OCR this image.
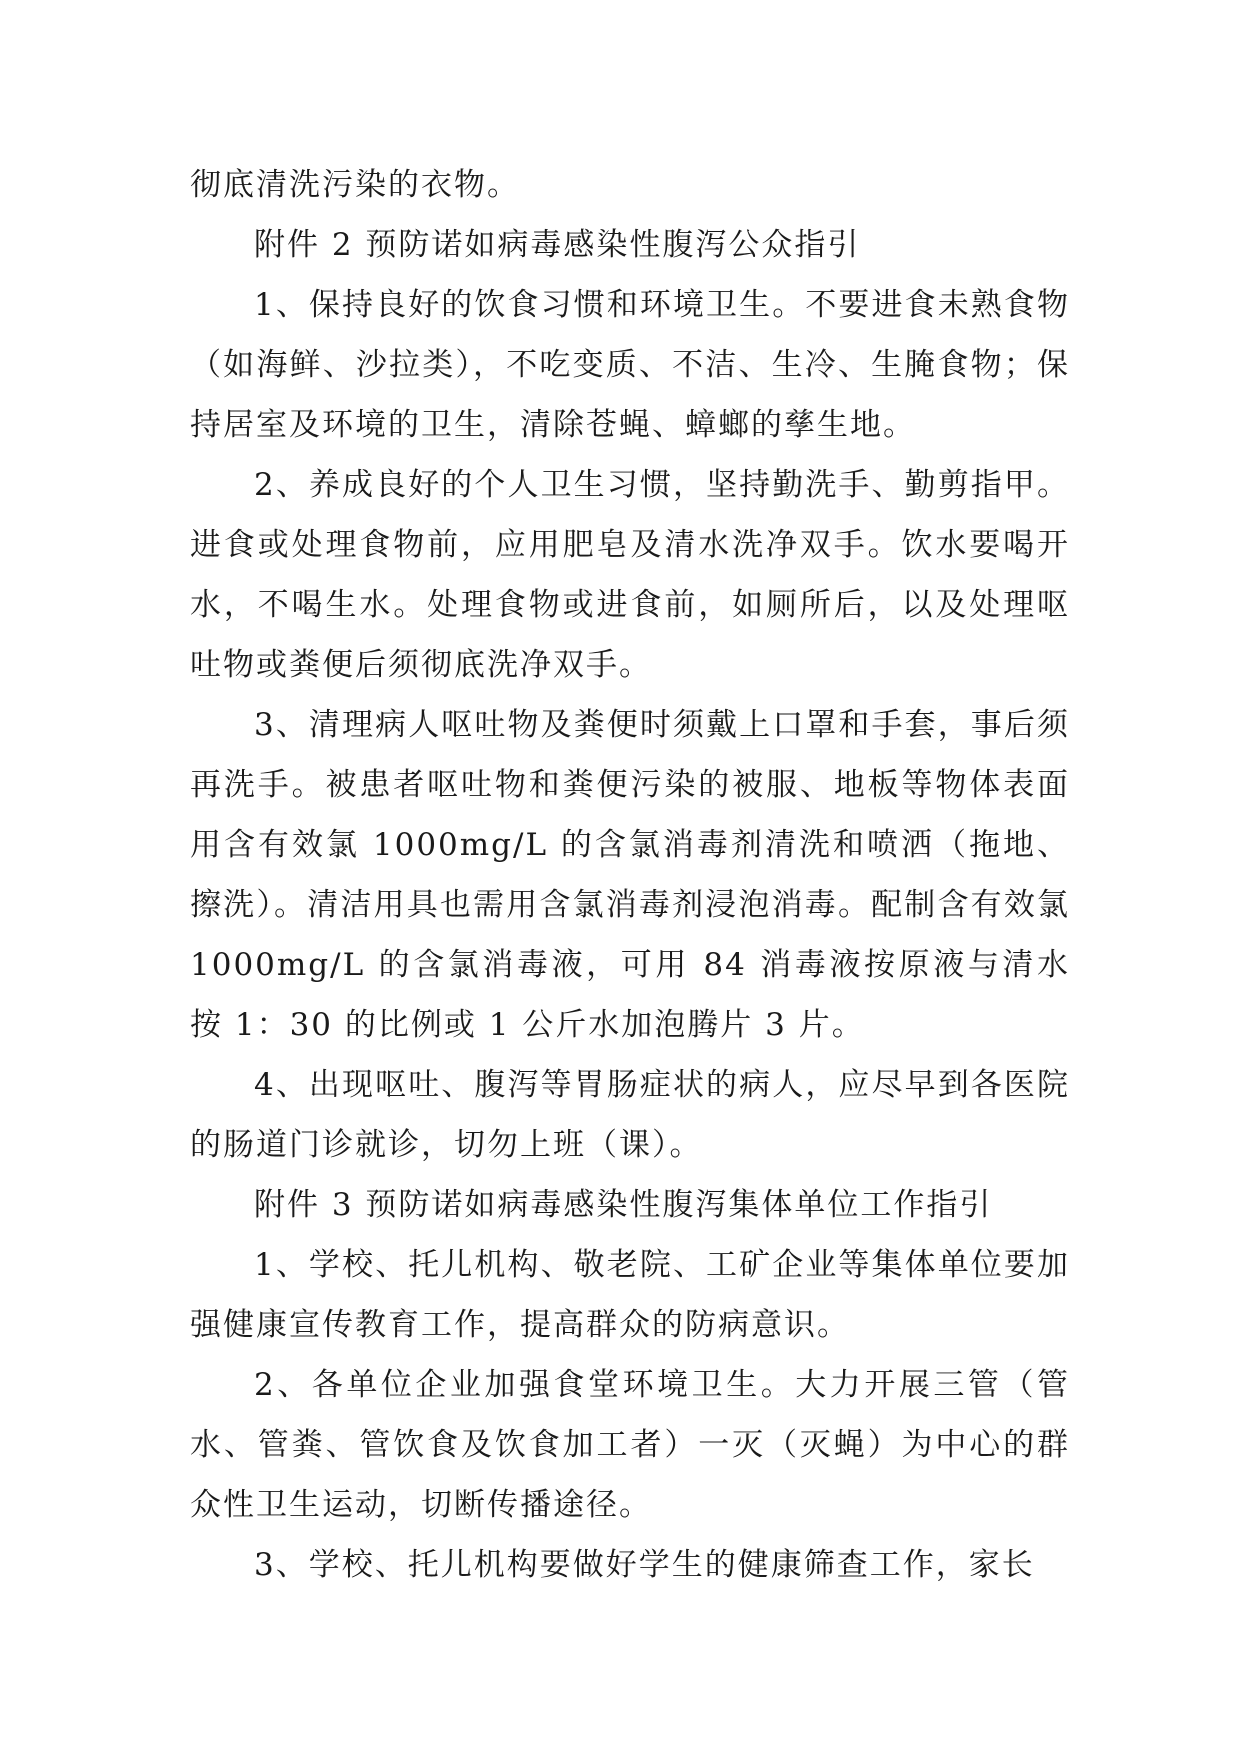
彻底清洗污染的衣物。

附件 2 预防诺如病毒感染性腹泻公众指引

1、保持良好的饮食习惯和环境卫生。不要进食未熟食物（如海鲜、沙拉类），不吃变质、不洁、生冷、生腌食物；保持居室及环境的卫生，清除苍蝇、蟑螂的孳生地。

2、养成良好的个人卫生习惯，坚持勤洗手、勤剪指甲。进食或处理食物前，应用肥皂及清水洗净双手。饮水要喝开水，不喝生水。处理食物或进食前，如厕所后，以及处理呕吐物或粪便后须彻底洗净双手。

3、清理病人呕吐物及粪便时须戴上口罩和手套，事后须再洗手。被患者呕吐物和粪便污染的被服、地板等物体表面用含有效氯 1000mg/L 的含氯消毒剂清洗和喷洒（拖地、擦洗）。清洁用具也需用含氯消毒剂浸泡消毒。配制含有效氯 1000mg/L 的含氯消毒液，可用 84 消毒液按原液与清水按 1：30 的比例或 1 公斤水加泡腾片 3 片。

4、出现呕吐、腹泻等胃肠症状的病人，应尽早到各医院的肠道门诊就诊，切勿上班（课）。

附件 3 预防诺如病毒感染性腹泻集体单位工作指引

1、学校、托儿机构、敬老院、工矿企业等集体单位要加强健康宣传教育工作，提高群众的防病意识。

2、各单位企业加强食堂环境卫生。大力开展三管（管水、管粪、管饮食及饮食加工者）一灭（灭蝇）为中心的群众性卫生运动，切断传播途径。

3、学校、托儿机构要做好学生的健康筛查工作，家长
